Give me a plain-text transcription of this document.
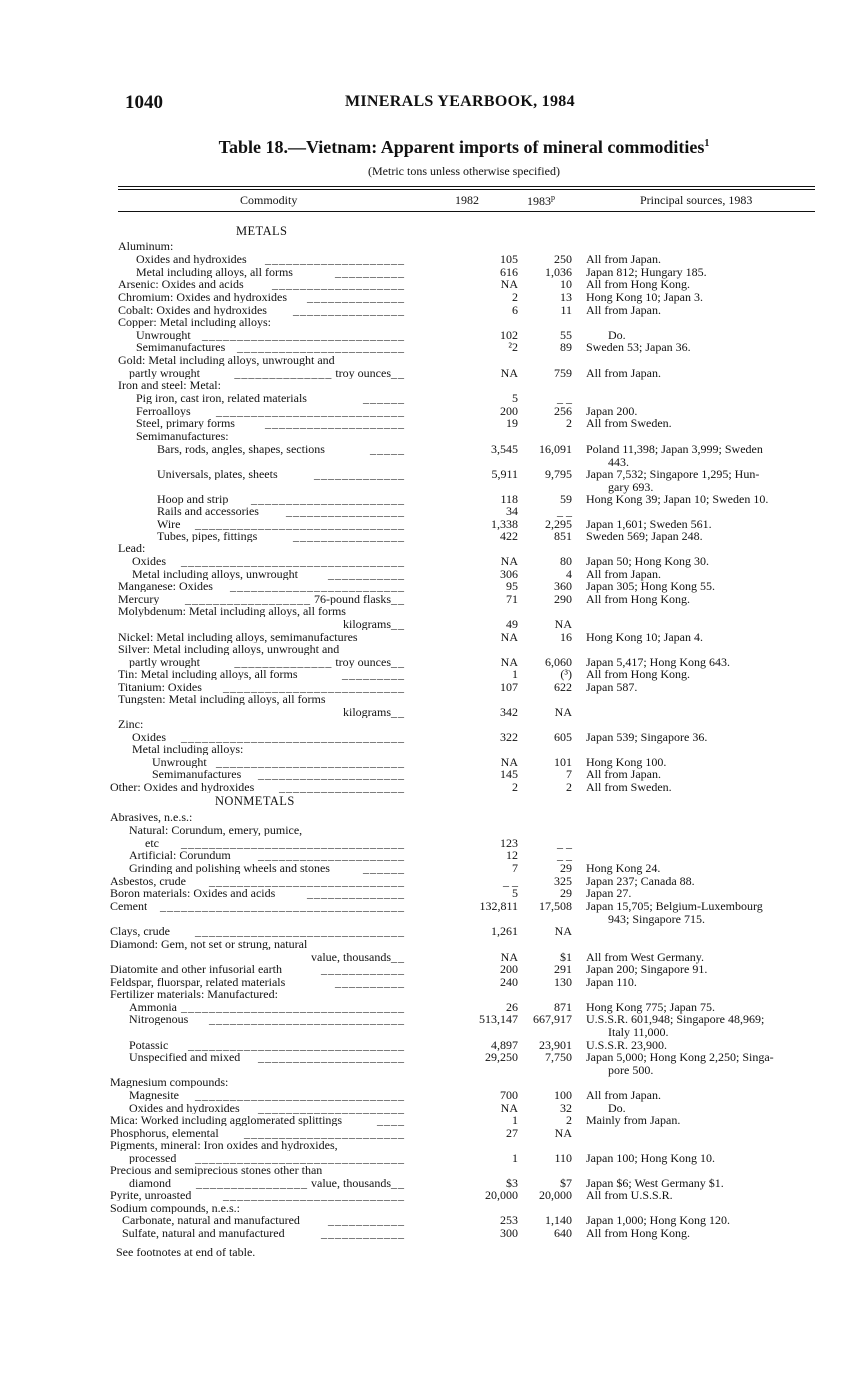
1040	MINERALS YEARBOOK, 1984
Table 18.—Vietnam: Apparent imports of mineral commodities$^1$
(Metric tons unless otherwise specified)
Commodity	1982	1983$^p$	Principal sources, 1983
METALS
Aluminum:
Oxides and hydroxides	____________________	105	250 All from Japan.
Metal including alloys, all forms	__________	616	1,036 Japan 812; Hungary 185.
Arsenic: Oxides and acids	___________________	NA	10 All from Hong Kong.
Chromium: Oxides and hydroxides	______________	2	13 Hong Kong 10; Japan 3.
Cobalt: Oxides and hydroxides	________________	6	11 All from Japan.
Copper: Metal including alloys:
Unwrought _____________________________	102	55	Do.
Semimanufactures ________________________	²2	89 Sweden 53; Japan 36.
Gold: Metal including alloys, unwrought and
partly wrought	______________ troy ounces__	NA	759 All from Japan.
Iron and steel: Metal:
Pig iron, cast iron, related materials	______	5	_ _
Ferroalloys	___________________________	200	256 Japan 200.
Steel, primary forms	____________________	19	2 All from Sweden.
Semimanufactures:
Bars, rods, angles, shapes, sections	_____	3,545	16,091 Poland 11,398; Japan 3,999; Sweden
443.
Universals, plates, sheets	_____________	5,911	9,795 Japan 7,532; Singapore 1,295; Hun-
gary 693.
Hoop and strip	______________________	118	59 Hong Kong 39; Japan 10; Sweden 10.
Rails and accessories	_________________	34	_ _
Wire	______________________________	1,338	2,295 Japan 1,601; Sweden 561.
Tubes, pipes, fittings	________________	422	851 Sweden 569; Japan 248.
Lead:
Oxides	________________________________	NA	80 Japan 50; Hong Kong 30.
Metal including alloys, unwrought	___________	306	4 All from Japan.
Manganese: Oxides	_________________________	95	360 Japan 305; Hong Kong 55.
Mercury	__________________ 76-pound flasks__	71	290 All from Hong Kong.
Molybdenum: Metal including alloys, all forms
kilograms__	49	NA
Nickel: Metal including alloys, semimanufactures	NA	16 Hong Kong 10; Japan 4.
Silver: Metal including alloys, unwrought and
partly wrought	______________ troy ounces__	NA	6,060 Japan 5,417; Hong Kong 643.
Tin: Metal including alloys, all forms	_________	1	(³) All from Hong Kong.
Titanium: Oxides	__________________________	107	622 Japan 587.
Tungsten: Metal including alloys, all forms
kilograms__	342	NA
Zinc:
Oxides	________________________________	322	605 Japan 539; Singapore 36.
Metal including alloys:
Unwrought ___________________________	NA	101 Hong Kong 100.
Semimanufactures	_____________________	145	7 All from Japan.
Other: Oxides and hydroxides	__________________	2	2 All from Sweden.
NONMETALS
Abrasives, n.e.s.:
Natural: Corundum, emery, pumice,
etc	________________________________	123	_ _
Artificial: Corundum	_____________________	12	_ _
Grinding and polishing wheels and stones	______	7	29 Hong Kong 24.
Asbestos, crude	____________________________	_ _	325 Japan 237; Canada 88.
Boron materials: Oxides and acids	______________	5	29 Japan 27.
Cement	___________________________________	132,811	17,508 Japan 15,705; Belgium-Luxembourg
943; Singapore 715.
Clays, crude	______________________________	1,261	NA
Diamond: Gem, not set or strung, natural
value, thousands__	NA	$1 All from West Germany.
Diatomite and other infusorial earth	____________	200	291 Japan 200; Singapore 91.
Feldspar, fluorspar, related materials	__________	240	130 Japan 110.
Fertilizer materials: Manufactured:
Ammonia ________________________________	26	871 Hong Kong 775; Japan 75.
Nitrogenous	____________________________	513,147	667,917 U.S.S.R. 601,948; Singapore 48,969;
Italy 11,000.
Potassic	_______________________________	4,897	23,901 U.S.S.R. 23,900.
Unspecified and mixed	_____________________	29,250	7,750 Japan 5,000; Hong Kong 2,250; Singa-
pore 500.
Magnesium compounds:
Magnesite	______________________________	700	100 All from Japan.
Oxides and hydroxides	_____________________	NA	32	Do.
Mica: Worked including agglomerated splittings	____	1	2 Mainly from Japan.
Phosphorus, elemental	_______________________	27	NA
Pigments, mineral: Iron oxides and hydroxides,
processed	______________________________	1	110 Japan 100; Hong Kong 10.
Precious and semiprecious stones other than
diamond	________________ value, thousands__	$3	$7 Japan $6; West Germany $1.
Pyrite, unroasted	__________________________	20,000	20,000 All from U.S.S.R.
Sodium compounds, n.e.s.:
Carbonate, natural and manufactured	___________	253	1,140 Japan 1,000; Hong Kong 120.
Sulfate, natural and manufactured	____________	300	640 All from Hong Kong.
See footnotes at end of table.
